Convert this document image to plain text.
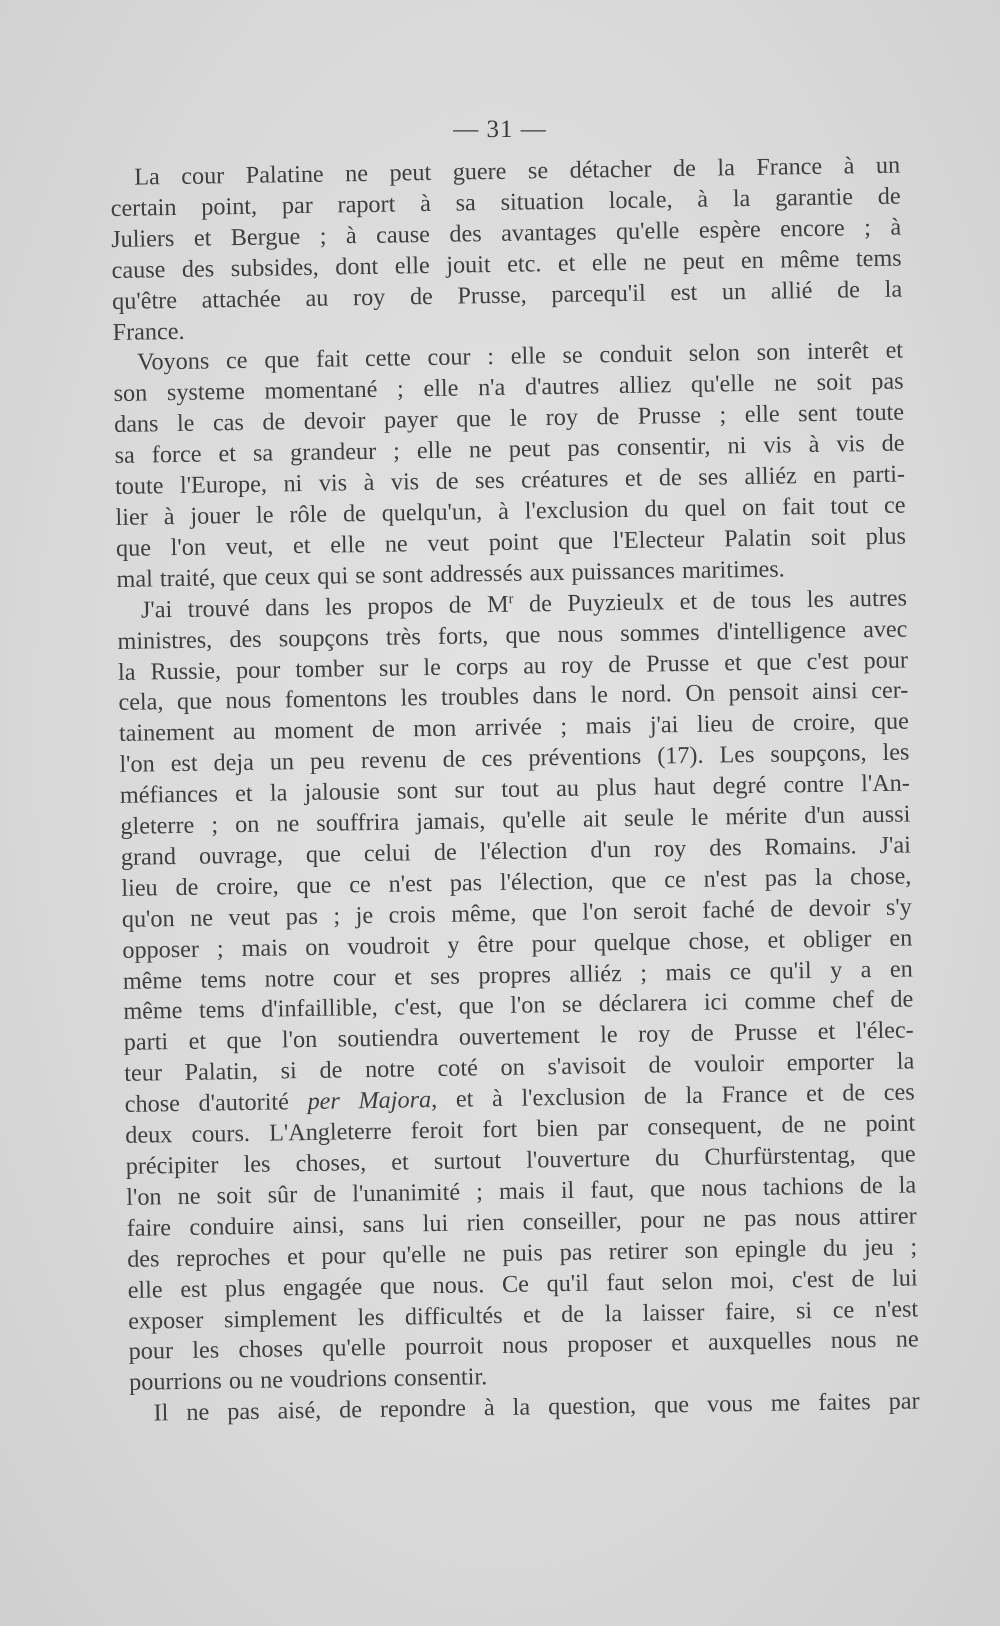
— 31 —

La cour Palatine ne peut guere se détacher de la France à un
certain point, par raport à sa situation locale, à la garantie de
Juliers et Bergue ; à cause des avantages qu'elle espère encore ; à
cause des subsides, dont elle jouit etc. et elle ne peut en même tems
qu'être attachée au roy de Prusse, parcequ'il est un allié de la
France.

Voyons ce que fait cette cour : elle se conduit selon son interêt et
son systeme momentané ; elle n'a d'autres alliez qu'elle ne soit pas
dans le cas de devoir payer que le roy de Prusse ; elle sent toute
sa force et sa grandeur ; elle ne peut pas consentir, ni vis à vis de
toute l'Europe, ni vis à vis de ses créatures et de ses alliéz en parti-
lier à jouer le rôle de quelqu'un, à l'exclusion du quel on fait tout ce
que l'on veut, et elle ne veut point que l'Electeur Palatin soit plus
mal traité, que ceux qui se sont addressés aux puissances maritimes.

J'ai trouvé dans les propos de $M^r$ de Puyzieulx et de tous les autres
ministres, des soupçons très forts, que nous sommes d'intelligence avec
la Russie, pour tomber sur le corps au roy de Prusse et que c'est pour
cela, que nous fomentons les troubles dans le nord. On pensoit ainsi cer-
tainement au moment de mon arrivée ; mais j'ai lieu de croire, que
l'on est deja un peu revenu de ces préventions (17). Les soupçons, les
méfiances et la jalousie sont sur tout au plus haut degré contre l'An-
gleterre ; on ne souffrira jamais, qu'elle ait seule le mérite d'un aussi
grand ouvrage, que celui de l'élection d'un roy des Romains. J'ai
lieu de croire, que ce n'est pas l'élection, que ce n'est pas la chose,
qu'on ne veut pas ; je crois même, que l'on seroit faché de devoir s'y
opposer ; mais on voudroit y être pour quelque chose, et obliger en
même tems notre cour et ses propres alliéz ; mais ce qu'il y a en
même tems d'infaillible, c'est, que l'on se déclarera ici comme chef de
parti et que l'on soutiendra ouvertement le roy de Prusse et l'élec-
teur Palatin, si de notre coté on s'avisoit de vouloir emporter la
chose d'autorité per Majora, et à l'exclusion de la France et de ces
deux cours. L'Angleterre feroit fort bien par consequent, de ne point
précipiter les choses, et surtout l'ouverture du Churfürstentag, que
l'on ne soit sûr de l'unanimité ; mais il faut, que nous tachions de la
faire conduire ainsi, sans lui rien conseiller, pour ne pas nous attirer
des reproches et pour qu'elle ne puis pas retirer son epingle du jeu ;
elle est plus engagée que nous. Ce qu'il faut selon moi, c'est de lui
exposer simplement les difficultés et de la laisser faire, si ce n'est
pour les choses qu'elle pourroit nous proposer et auxquelles nous ne
pourrions ou ne voudrions consentir.

Il ne pas aisé, de repondre à la question, que vous me faites par
